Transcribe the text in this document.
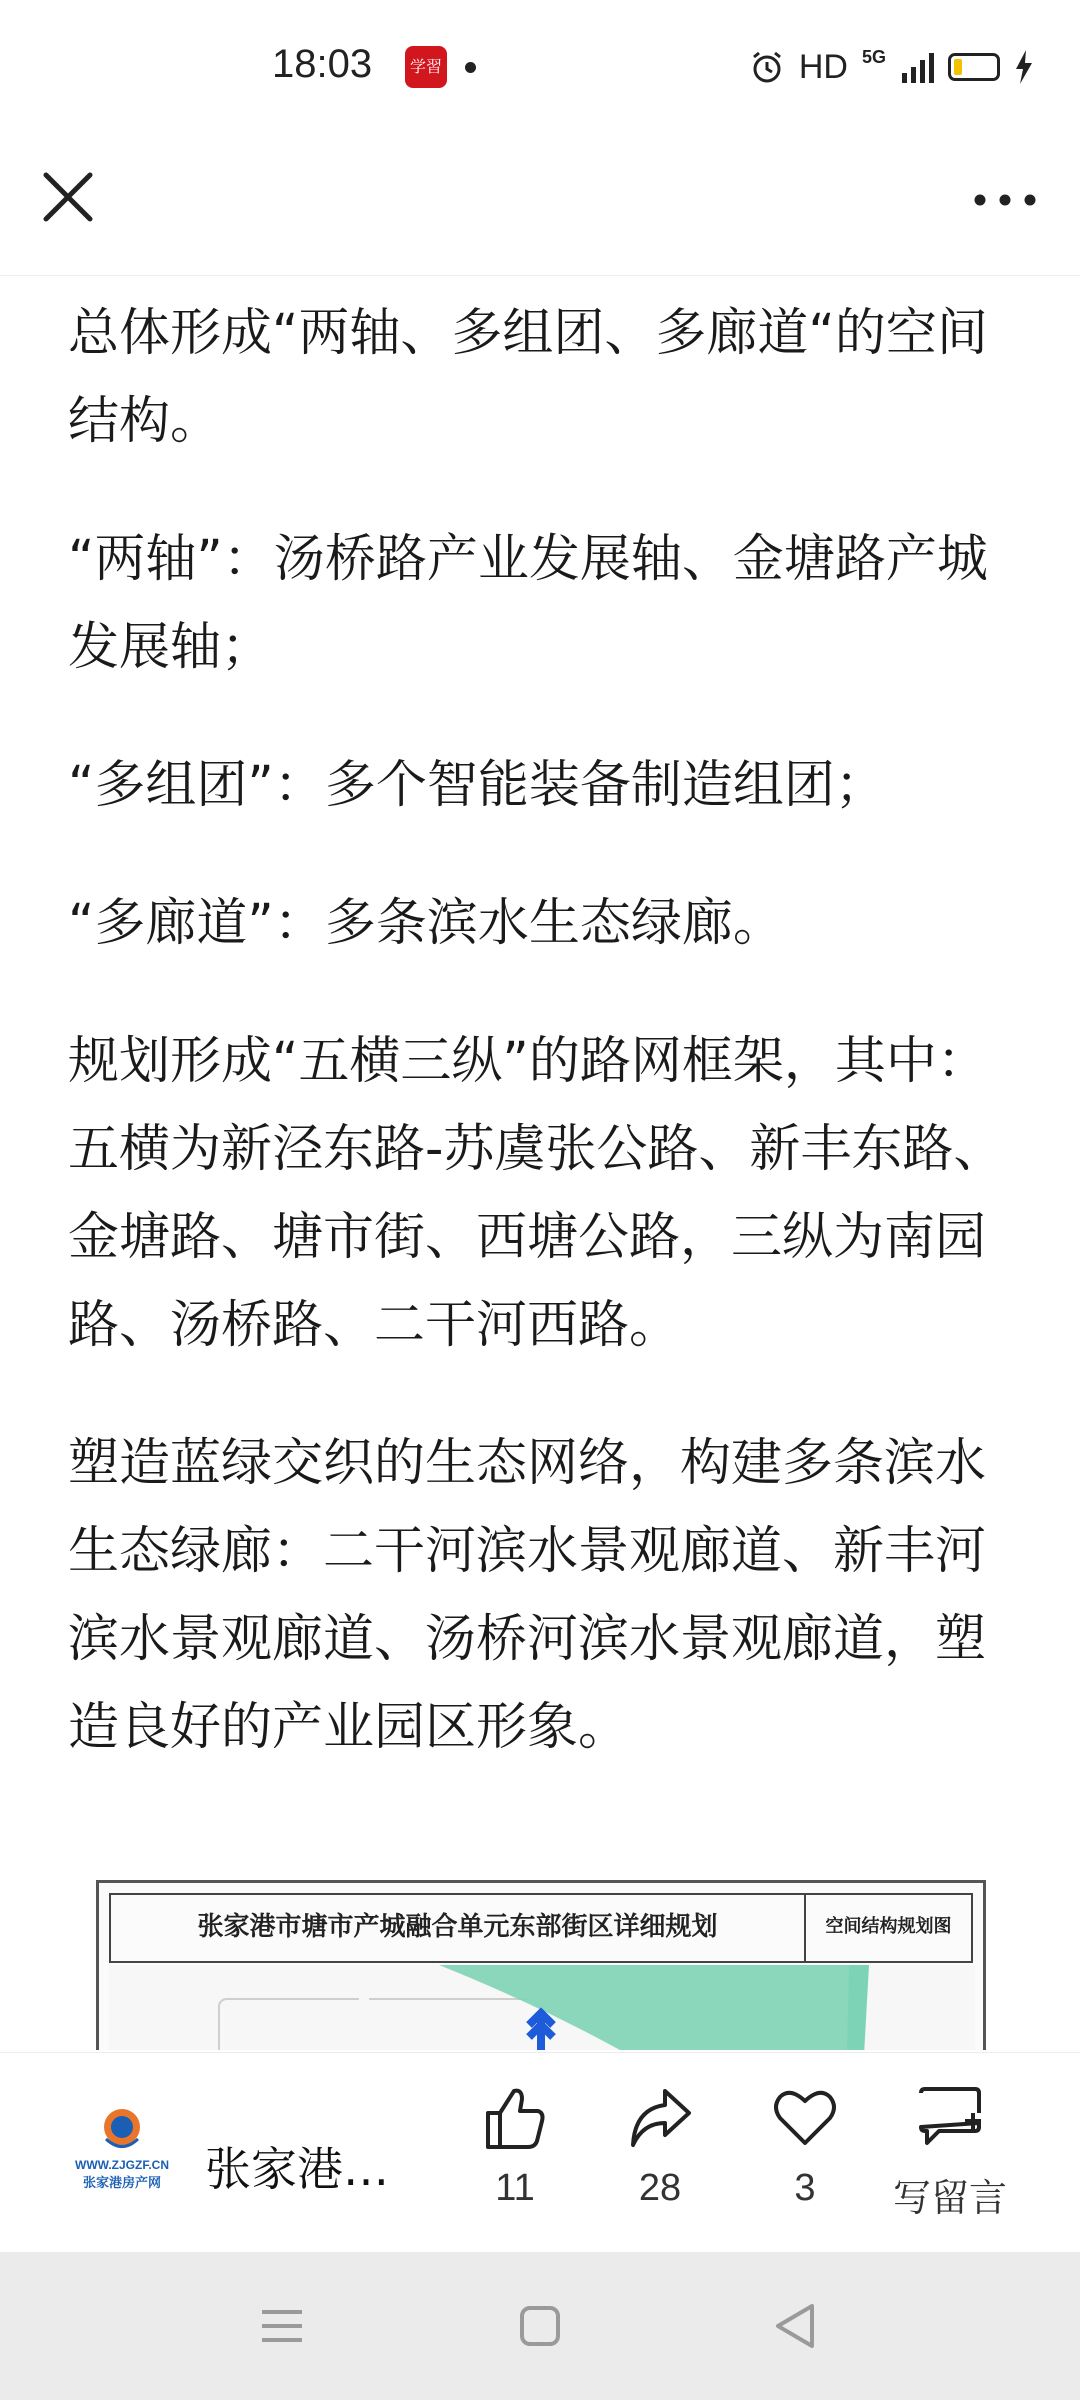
18:03	学習	HD 5G

总体形成“两轴、多组团、多廊道“的空间结构。

“两轴”：汤桥路产业发展轴、金塘路产城发展轴；

“多组团”：多个智能装备制造组团；

“多廊道”：多条滨水生态绿廊。

规划形成“五横三纵”的路网框架，其中：五横为新泾东路-苏虞张公路、新丰东路、金塘路、塘市街、西塘公路，三纵为南园路、汤桥路、二干河西路。

塑造蓝绿交织的生态网络，构建多条滨水生态绿廊：二干河滨水景观廊道、新丰河滨水景观廊道、汤桥河滨水景观廊道，塑造良好的产业园区形象。

张家港市塘市产城融合单元东部街区详细规划	空间结构规划图
WWW.ZJGZF.CN
张家港房产网 张家港…	11	28	3	写留言
